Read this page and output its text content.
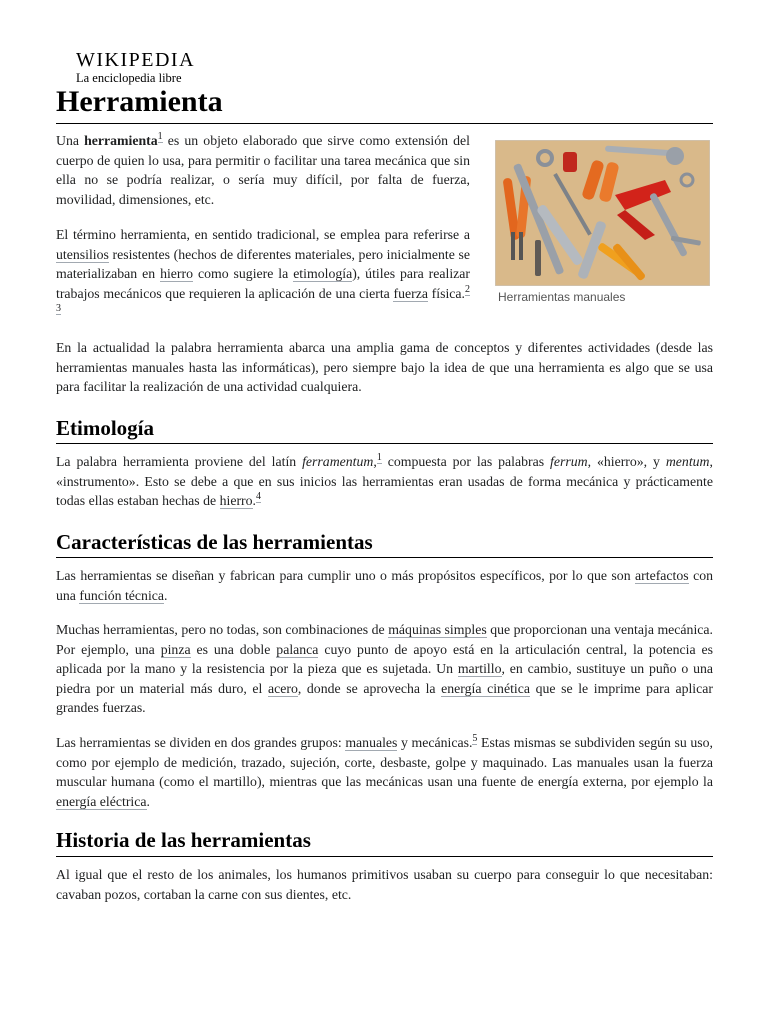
WIKIPEDIA
La enciclopedia libre
Herramienta
Herramientas manuales

Una herramienta$^1$ es un objeto elaborado que sirve como extensión del cuerpo de quien lo usa, para permitir o facilitar una tarea mecánica que sin ella no se podría realizar, o sería muy difícil, por falta de fuerza, movilidad, dimensiones, etc.

El término herramienta, en sentido tradicional, se emplea para referirse a utensilios resistentes (hechos de diferentes materiales, pero inicialmente se materializaban en hierro como sugiere la etimología), útiles para realizar trabajos mecánicos que requieren la aplicación de una cierta fuerza física.$^{2 3}$

En la actualidad la palabra herramienta abarca una amplia gama de conceptos y diferentes actividades (desde las herramientas manuales hasta las informáticas), pero siempre bajo la idea de que una herramienta es algo que se usa para facilitar la realización de una actividad cualquiera.

Etimología

La palabra herramienta proviene del latín ferramentum,$^1$ compuesta por las palabras ferrum, «hierro», y mentum, «instrumento». Esto se debe a que en sus inicios las herramientas eran usadas de forma mecánica y prácticamente todas ellas estaban hechas de hierro.$^4$

Características de las herramientas

Las herramientas se diseñan y fabrican para cumplir uno o más propósitos específicos, por lo que son artefactos con una función técnica.

Muchas herramientas, pero no todas, son combinaciones de máquinas simples que proporcionan una ventaja mecánica. Por ejemplo, una pinza es una doble palanca cuyo punto de apoyo está en la articulación central, la potencia es aplicada por la mano y la resistencia por la pieza que es sujetada. Un martillo, en cambio, sustituye un puño o una piedra por un material más duro, el acero, donde se aprovecha la energía cinética que se le imprime para aplicar grandes fuerzas.

Las herramientas se dividen en dos grandes grupos: manuales y mecánicas.$^5$ Estas mismas se subdividen según su uso, como por ejemplo de medición, trazado, sujeción, corte, desbaste, golpe y maquinado. Las manuales usan la fuerza muscular humana (como el martillo), mientras que las mecánicas usan una fuente de energía externa, por ejemplo la energía eléctrica.

Historia de las herramientas

Al igual que el resto de los animales, los humanos primitivos usaban su cuerpo para conseguir lo que necesitaban: cavaban pozos, cortaban la carne con sus dientes, etc.
